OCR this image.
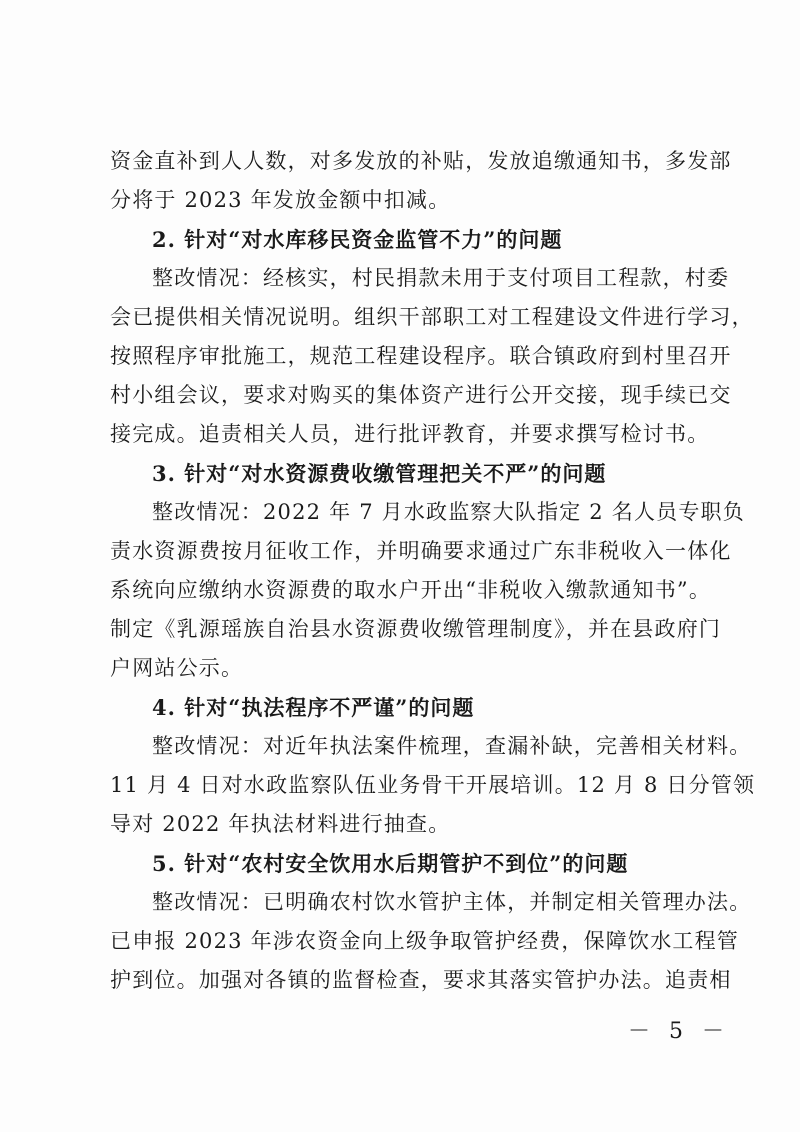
资金直补到人人数，对多发放的补贴，发放追缴通知书，多发部
分将于 2023 年发放金额中扣减。
2. 针对“对水库移民资金监管不力”的问题
整改情况：经核实，村民捐款未用于支付项目工程款，村委
会已提供相关情况说明。组织干部职工对工程建设文件进行学习，
按照程序审批施工，规范工程建设程序。联合镇政府到村里召开
村小组会议，要求对购买的集体资产进行公开交接，现手续已交
接完成。追责相关人员，进行批评教育，并要求撰写检讨书。
3. 针对“对水资源费收缴管理把关不严”的问题
整改情况：2022 年 7 月水政监察大队指定 2 名人员专职负
责水资源费按月征收工作，并明确要求通过广东非税收入一体化
系统向应缴纳水资源费的取水户开出“非税收入缴款通知书”。
制定《乳源瑶族自治县水资源费收缴管理制度》，并在县政府门
户网站公示。
4. 针对“执法程序不严谨”的问题
整改情况：对近年执法案件梳理，查漏补缺，完善相关材料。
11 月 4 日对水政监察队伍业务骨干开展培训。12 月 8 日分管领
导对 2022 年执法材料进行抽查。
5. 针对“农村安全饮用水后期管护不到位”的问题
整改情况：已明确农村饮水管护主体，并制定相关管理办法。
已申报 2023 年涉农资金向上级争取管护经费，保障饮水工程管
护到位。加强对各镇的监督检查，要求其落实管护办法。追责相
－ 5 －
